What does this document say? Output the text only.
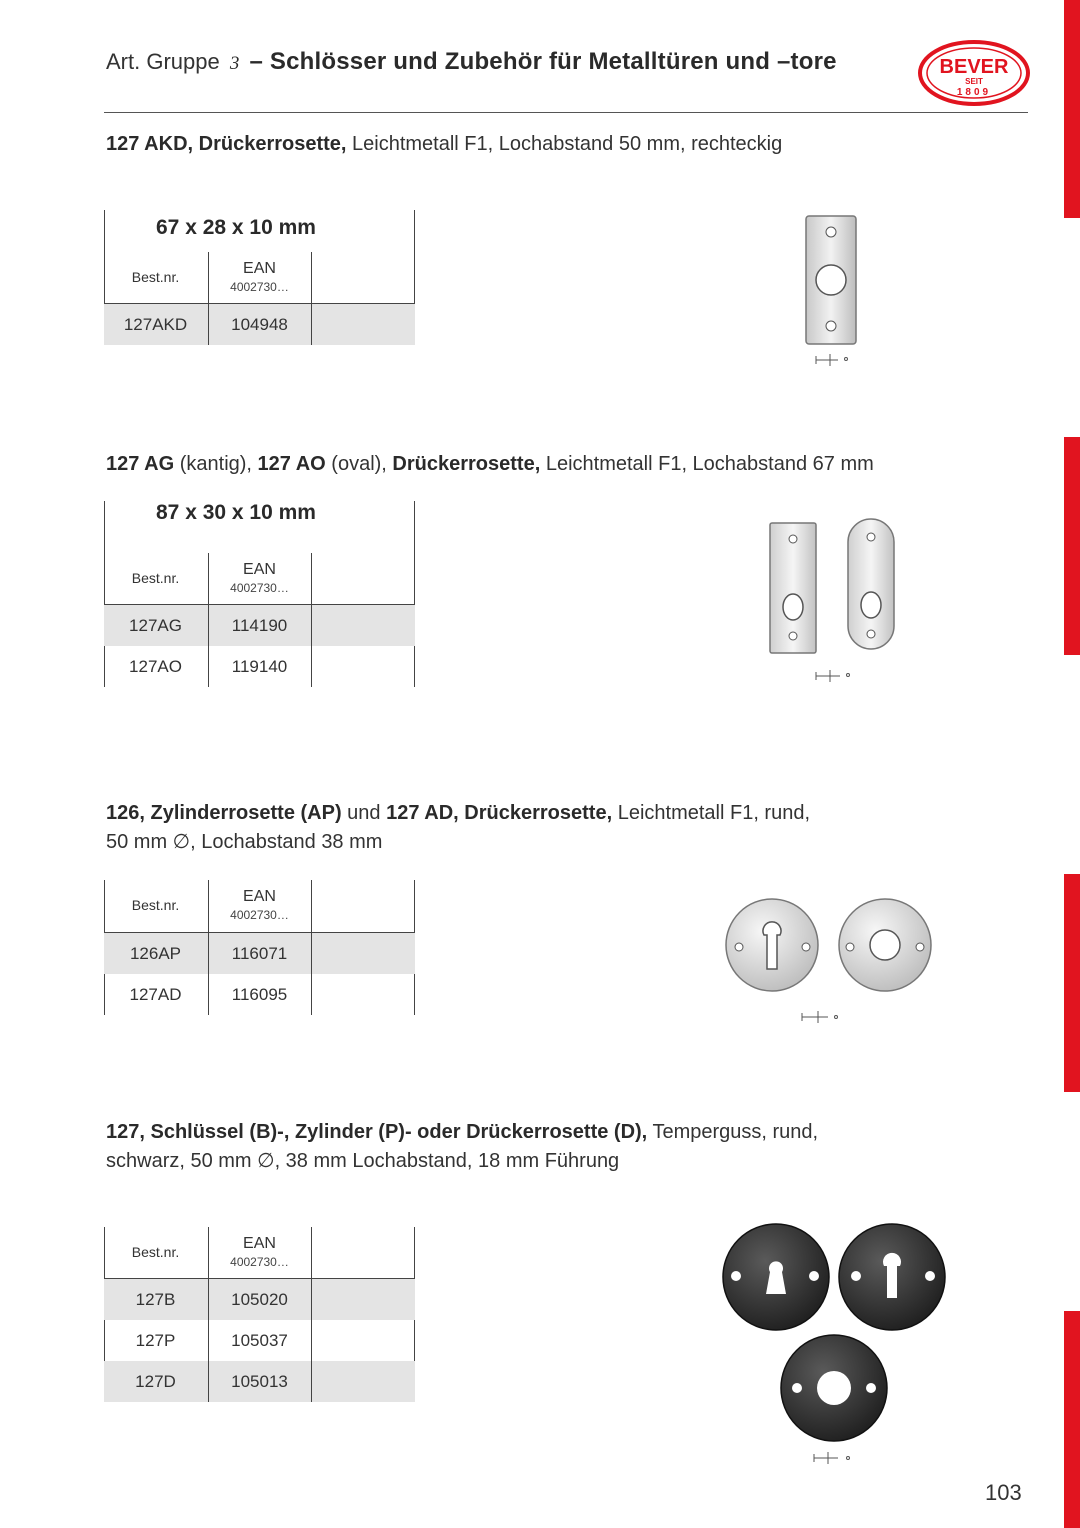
Art. Gruppe 3 – Schlösser und Zubehör für Metalltüren und –tore	BEVER
SEIT
1809
127 AKD, Drückerrosette, Leichtmetall F1, Lochabstand 50 mm, rechteckig
67 x 28 x 10 mm
Best.nr.	EAN
4002730…
127AKD	104948
127 AG (kantig), 127 AO (oval), Drückerrosette, Leichtmetall F1, Lochabstand 67 mm
87 x 30 x 10 mm
Best.nr.	EAN
4002730…
127AG	114190
127AO	119140
126, Zylinderrosette (AP) und 127 AD, Drückerrosette, Leichtmetall F1, rund,
50 mm ∅, Lochabstand 38 mm
Best.nr.	EAN
4002730…
126AP	116071
127AD	116095
127, Schlüssel (B)-, Zylinder (P)- oder Drückerrosette (D), Temperguss, rund,
schwarz, 50 mm ∅, 38 mm Lochabstand, 18 mm Führung
Best.nr.	EAN
4002730…
127B	105020
127P	105037
127D	105013
103
